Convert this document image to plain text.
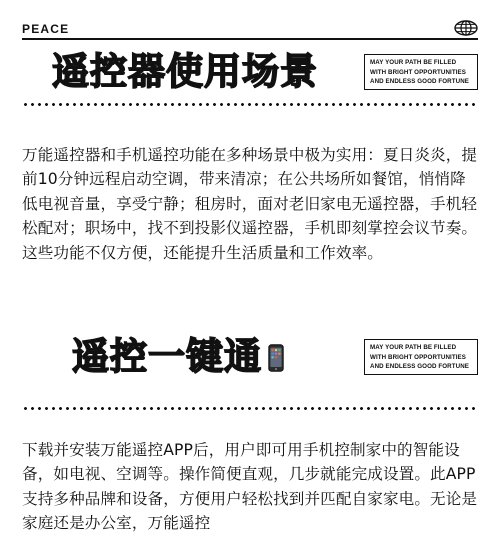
PEACE
遥控器使用场景	MAY YOUR PATH BE FILLED
WITH BRIGHT OPPORTUNITIES
AND ENDLESS GOOD FORTUNE

万能遥控器和手机遥控功能在多种场景中极为实用：夏日炎炎，提前10分钟远程启动空调，带来清凉；在公共场所如餐馆，悄悄降低电视音量，享受宁静；租房时，面对老旧家电无遥控器，手机轻松配对；职场中，找不到投影仪遥控器，手机即刻掌控会议节奏。这些功能不仅方便，还能提升生活质量和工作效率。

遥控一键通	MAY YOUR PATH BE FILLED
WITH BRIGHT OPPORTUNITIES
AND ENDLESS GOOD FORTUNE

下载并安装万能遥控APP后，用户即可用手机控制家中的智能设备，如电视、空调等。操作简便直观，几步就能完成设置。此APP支持多种品牌和设备，方便用户轻松找到并匹配自家家电。无论是家庭还是办公室，万能遥控
